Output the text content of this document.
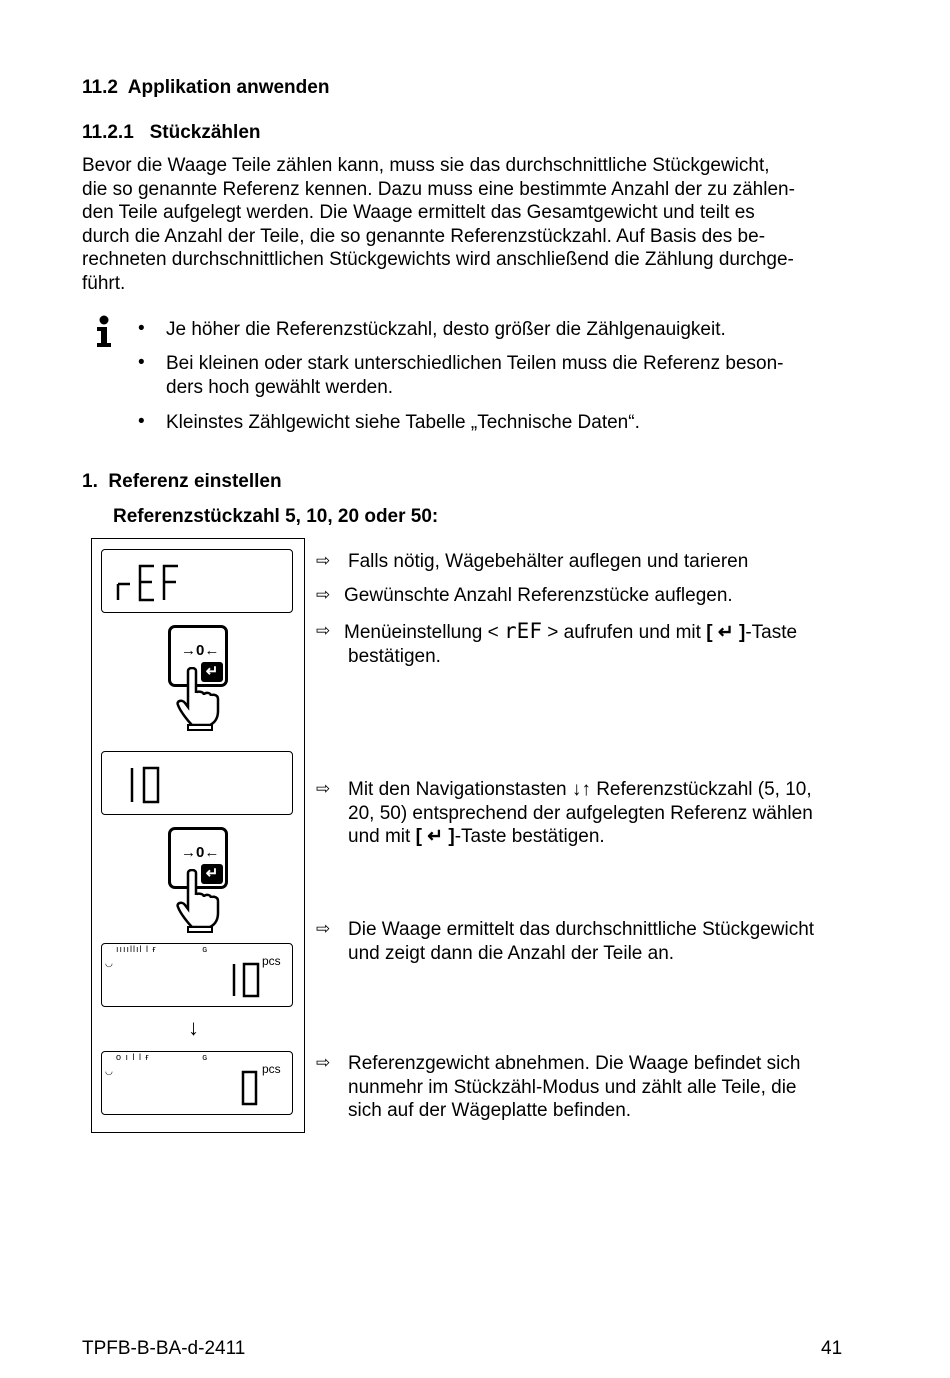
11.2 Applikation anwenden
11.2.1 Stückzählen
Bevor die Waage Teile zählen kann, muss sie das durchschnittliche Stückgewicht,
die so genannte Referenz kennen. Dazu muss eine bestimmte Anzahl der zu zählen-
den Teile aufgelegt werden. Die Waage ermittelt das Gesamtgewicht und teilt es
durch die Anzahl der Teile, die so genannte Referenzstückzahl. Auf Basis des be-
rechneten durchschnittlichen Stückgewichts wird anschließend die Zählung durchge-
führt.
• Je höher die Referenzstückzahl, desto größer die Zählgenauigkeit.
• Bei kleinen oder stark unterschiedlichen Teilen muss die Referenz beson-
ders hoch gewählt werden.
• Kleinstes Zählgewicht siehe Tabelle „Technische Daten“.
1. Referenz einstellen
Referenzstückzahl 5, 10, 20 oder 50:
→0←
↵
→0←
↵
ııııllıl l ғ             ɢ
◡	pcs
↓
ο ı l l ғ               ɢ
◡	pcs
⇨ Falls nötig, Wägebehälter auflegen und tarieren
⇨ Gewünschte Anzahl Referenzstücke auflegen.
⇨ Menüeinstellung < rEF > aufrufen und mit [ ↵ ]-Taste
bestätigen.
⇨ Mit den Navigationstasten ↓↑ Referenzstückzahl (5, 10,
20, 50) entsprechend der aufgelegten Referenz wählen
und mit [ ↵ ]-Taste bestätigen.
⇨ Die Waage ermittelt das durchschnittliche Stückgewicht
und zeigt dann die Anzahl der Teile an.
⇨ Referenzgewicht abnehmen. Die Waage befindet sich
nunmehr im Stückzähl-Modus und zählt alle Teile, die
sich auf der Wägeplatte befinden.
TPFB-B-BA-d-2411	41
